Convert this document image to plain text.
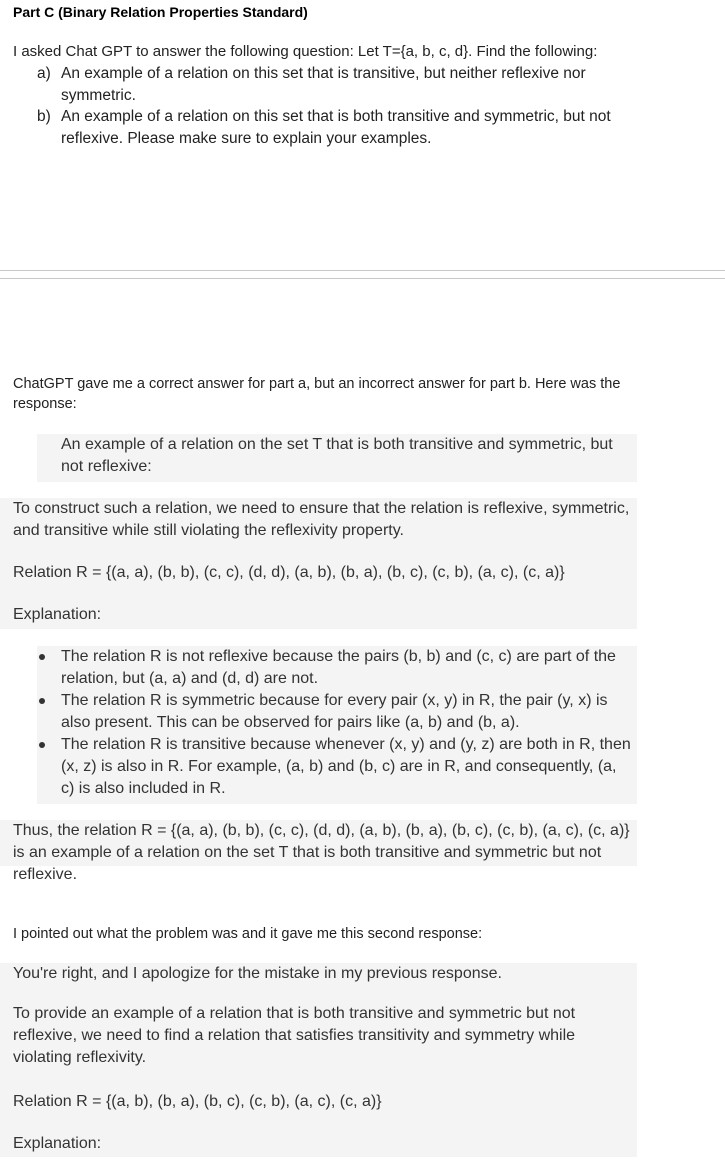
Part C (Binary Relation Properties Standard)
I asked Chat GPT to answer the following question: Let T={a, b, c, d}. Find the following:
a) An example of a relation on this set that is transitive, but neither reflexive nor symmetric.
b) An example of a relation on this set that is both transitive and symmetric, but not reflexive. Please make sure to explain your examples.
ChatGPT gave me a correct answer for part a, but an incorrect answer for part b. Here was the response:
An example of a relation on the set T that is both transitive and symmetric, but not reflexive:
To construct such a relation, we need to ensure that the relation is reflexive, symmetric, and transitive while still violating the reflexivity property.
Relation R = {(a, a), (b, b), (c, c), (d, d), (a, b), (b, a), (b, c), (c, b), (a, c), (c, a)}
Explanation:
The relation R is not reflexive because the pairs (b, b) and (c, c) are part of the relation, but (a, a) and (d, d) are not.
The relation R is symmetric because for every pair (x, y) in R, the pair (y, x) is also present. This can be observed for pairs like (a, b) and (b, a).
The relation R is transitive because whenever (x, y) and (y, z) are both in R, then (x, z) is also in R. For example, (a, b) and (b, c) are in R, and consequently, (a, c) is also included in R.
Thus, the relation R = {(a, a), (b, b), (c, c), (d, d), (a, b), (b, a), (b, c), (c, b), (a, c), (c, a)} is an example of a relation on the set T that is both transitive and symmetric but not reflexive.
I pointed out what the problem was and it gave me this second response:
You're right, and I apologize for the mistake in my previous response.
To provide an example of a relation that is both transitive and symmetric but not reflexive, we need to find a relation that satisfies transitivity and symmetry while violating reflexivity.
Relation R = {(a, b), (b, a), (b, c), (c, b), (a, c), (c, a)}
Explanation:
